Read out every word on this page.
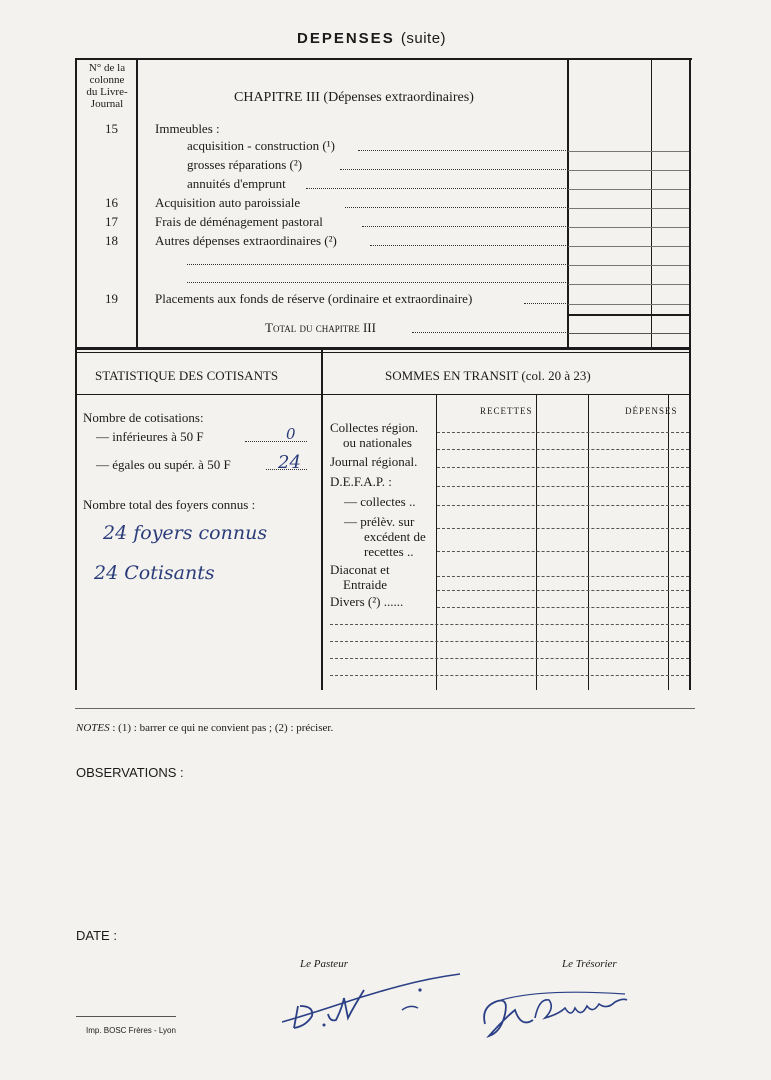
DEPENSES (suite)
N° de la
colonne
du Livre-
Journal	CHAPITRE III (Dépenses extraordinaires)
15	Immeubles :
acquisition - construction (¹)
grosses réparations (²)
annuités d'emprunt
16	Acquisition auto paroissiale
17	Frais de déménagement pastoral
18	Autres dépenses extraordinaires (²)
19	Placements aux fonds de réserve (ordinaire et extraordinaire)
Total du chapitre III
STATISTIQUE DES COTISANTS
Nombre de cotisations:
— inférieures à 50 F	0
— égales ou supér. à 50 F	24
Nombre total des foyers connus :
24 foyers connus
24 Cotisants
SOMMES EN TRANSIT (col. 20 à 23)
RECETTES	DÉPENSES
Collectes région.
ou nationales
Journal régional.
D.E.F.A.P. :
— collectes ..
— prélèv. sur
excédent de
recettes ..
Diaconat et
Entraide
Divers (²) ......
NOTES : (1) : barrer ce qui ne convient pas ; (2) : préciser.
OBSERVATIONS :
DATE :
Le Pasteur	Le Trésorier
Imp. BOSC Frères - Lyon
